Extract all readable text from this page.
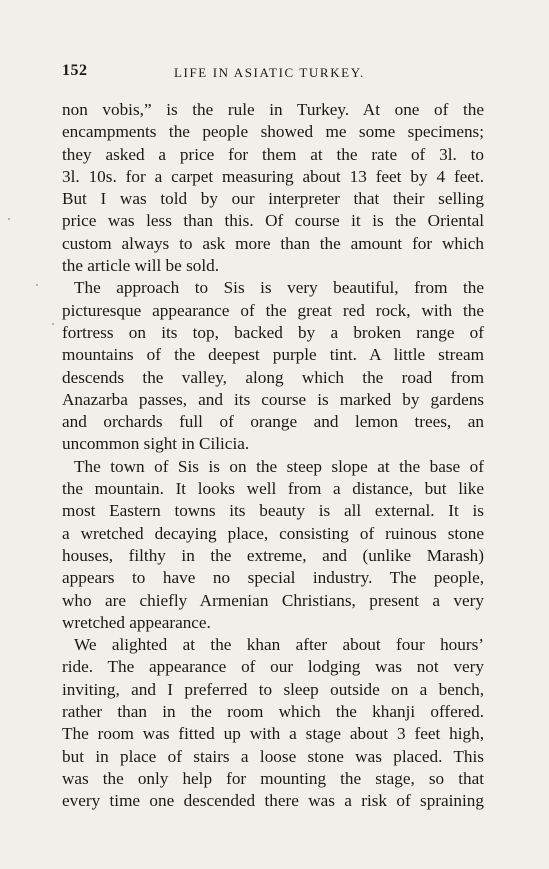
152	LIFE IN ASIATIC TURKEY.
non vobis,” is the rule in Turkey. At one of the
encampments the people showed me some specimens;
they asked a price for them at the rate of 3l. to
3l. 10s. for a carpet measuring about 13 feet by 4 feet.
But I was told by our interpreter that their selling
price was less than this. Of course it is the Oriental
custom always to ask more than the amount for which
the article will be sold.
The approach to Sis is very beautiful, from the
picturesque appearance of the great red rock, with the
fortress on its top, backed by a broken range of
mountains of the deepest purple tint. A little stream
descends the valley, along which the road from
Anazarba passes, and its course is marked by gardens
and orchards full of orange and lemon trees, an
uncommon sight in Cilicia.
The town of Sis is on the steep slope at the base of
the mountain. It looks well from a distance, but like
most Eastern towns its beauty is all external. It is
a wretched decaying place, consisting of ruinous stone
houses, filthy in the extreme, and (unlike Marash)
appears to have no special industry. The people,
who are chiefly Armenian Christians, present a very
wretched appearance.
We alighted at the khan after about four hours’
ride. The appearance of our lodging was not very
inviting, and I preferred to sleep outside on a bench,
rather than in the room which the khanji offered.
The room was fitted up with a stage about 3 feet high,
but in place of stairs a loose stone was placed. This
was the only help for mounting the stage, so that
every time one descended there was a risk of spraining
